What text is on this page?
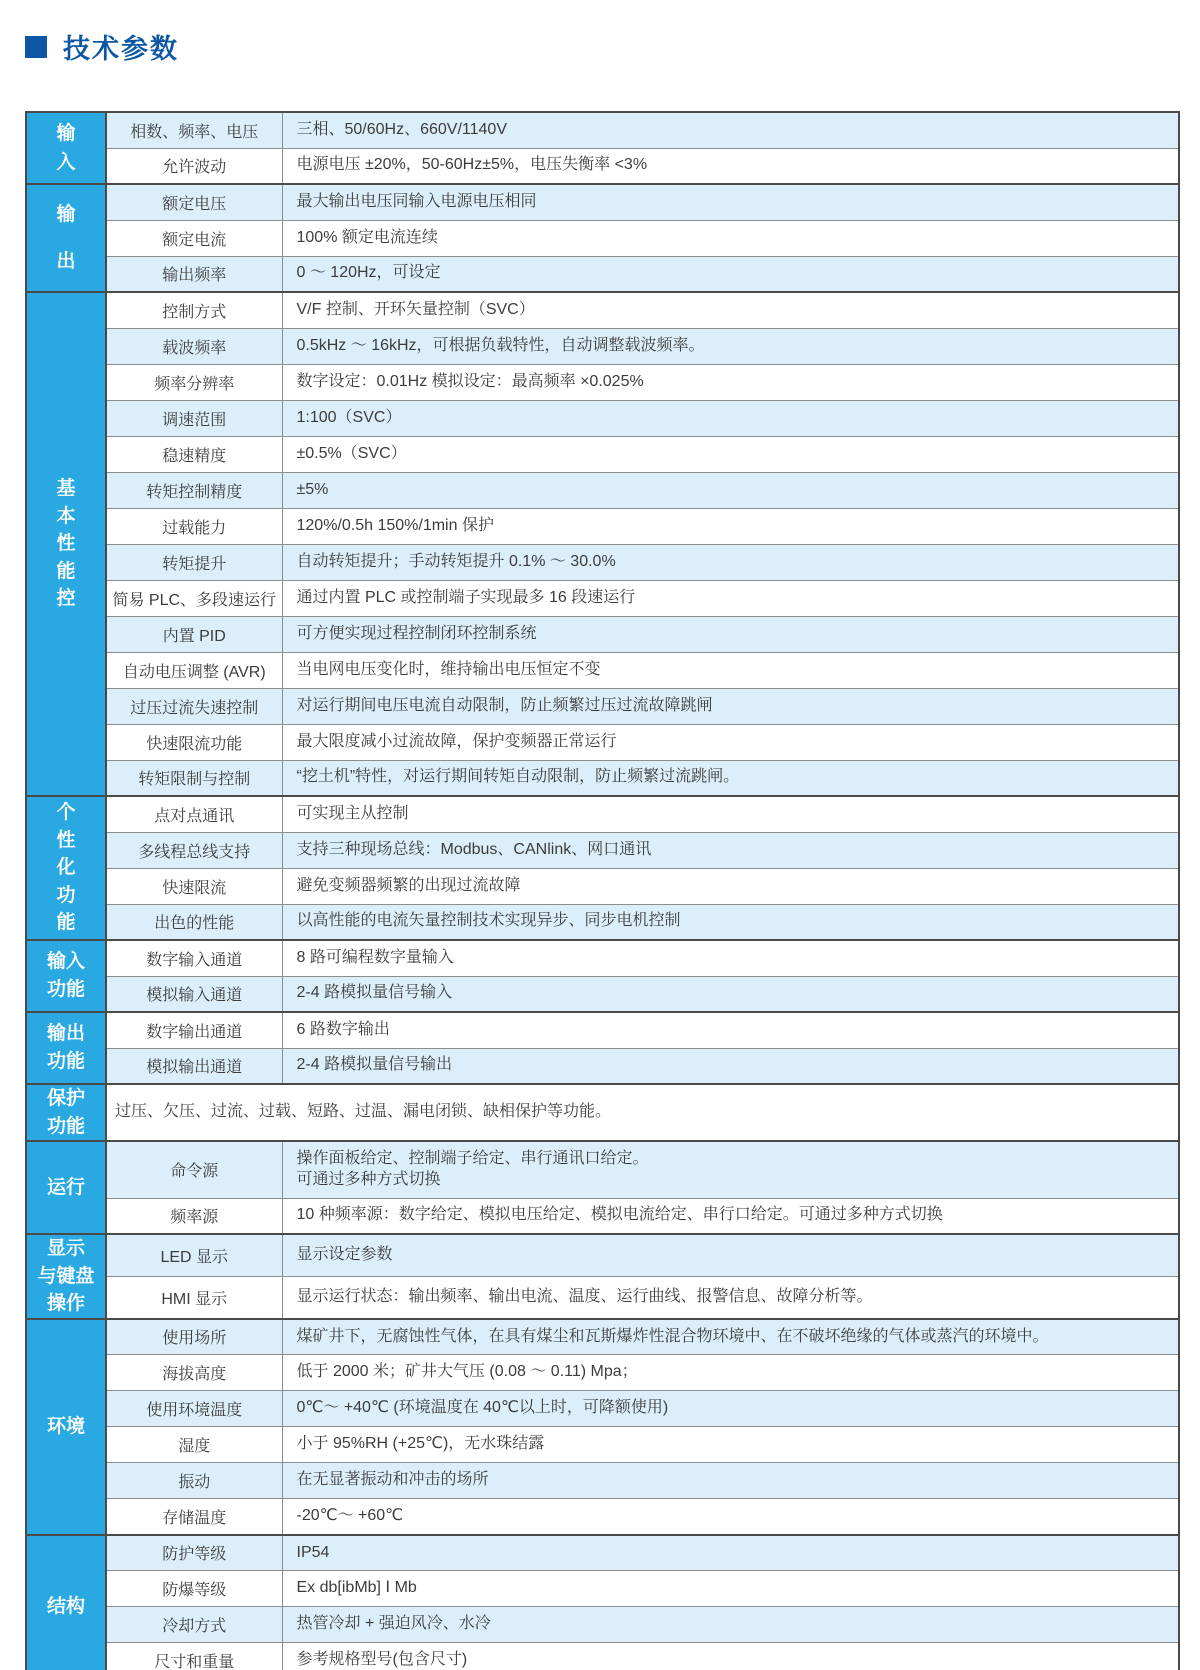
技术参数
输
入	相数、频率、电压	三相、50/60Hz、660V/1140V
	允许波动	电源电压 ±20%，50-60Hz±5%，电压失衡率 <3%

输
出	额定电压	最大输出电压同输入电源电压相同
	额定电流	100% 额定电流连续
	输出频率	0 ～ 120Hz，可设定

基
本
性
能
控	控制方式	V/F 控制、开环矢量控制（SVC）
	载波频率	0.5kHz ～ 16kHz，可根据负载特性，自动调整载波频率。
	频率分辨率	数字设定：0.01Hz 模拟设定：最高频率 ×0.025%
	调速范围	1:100（SVC）
	稳速精度	±0.5%（SVC）
	转矩控制精度	±5%
	过载能力	120%/0.5h 150%/1min 保护
	转矩提升	自动转矩提升；手动转矩提升 0.1% ～ 30.0%
	简易 PLC、多段速运行	通过内置 PLC 或控制端子实现最多 16 段速运行
	内置 PID	可方便实现过程控制闭环控制系统
	自动电压调整 (AVR)	当电网电压变化时，维持输出电压恒定不变
	过压过流失速控制	对运行期间电压电流自动限制，防止频繁过压过流故障跳闸
	快速限流功能	最大限度减小过流故障，保护变频器正常运行
	转矩限制与控制	“挖土机”特性，对运行期间转矩自动限制，防止频繁过流跳闸。

个
性
化
功
能	点对点通讯	可实现主从控制
	多线程总线支持	支持三种现场总线：Modbus、CANlink、网口通讯
	快速限流	避免变频器频繁的出现过流故障
	出色的性能	以高性能的电流矢量控制技术实现异步、同步电机控制

输入
功能	数字输入通道	8 路可编程数字量输入
	模拟输入通道	2-4 路模拟量信号输入

输出
功能	数字输出通道	6 路数字输出
	模拟输出通道	2-4 路模拟量信号输出

保护
功能	过压、欠压、过流、过载、短路、过温、漏电闭锁、缺相保护等功能。	

运行	命令源	操作面板给定、控制端子给定、串行通讯口给定。
可通过多种方式切换

	频率源	10 种频率源：数字给定、模拟电压给定、模拟电流给定、串行口给定。可通过多种方式切换

显示
与键盘
操作	LED 显示	显示设定参数
	HMI 显示	显示运行状态：输出频率、输出电流、温度、运行曲线、报警信息、故障分析等。

环境	使用场所	煤矿井下，无腐蚀性气体，在具有煤尘和瓦斯爆炸性混合物环境中、在不破坏绝缘的气体或蒸汽的环境中。
	海拔高度	低于 2000 米；矿井大气压 (0.08 ～ 0.11) Mpa；
	使用环境温度	0℃～ +40℃ (环境温度在 40℃以上时，可降额使用)
	湿度	小于 95%RH (+25℃)，无水珠结露
	振动	在无显著振动和冲击的场所
	存储温度	-20℃～ +60℃

结构	防护等级	IP54
	防爆等级	Ex db[ibMb] Ⅰ Mb
	冷却方式	热管冷却 + 强迫风冷、水冷
	尺寸和重量	参考规格型号(包含尺寸)
